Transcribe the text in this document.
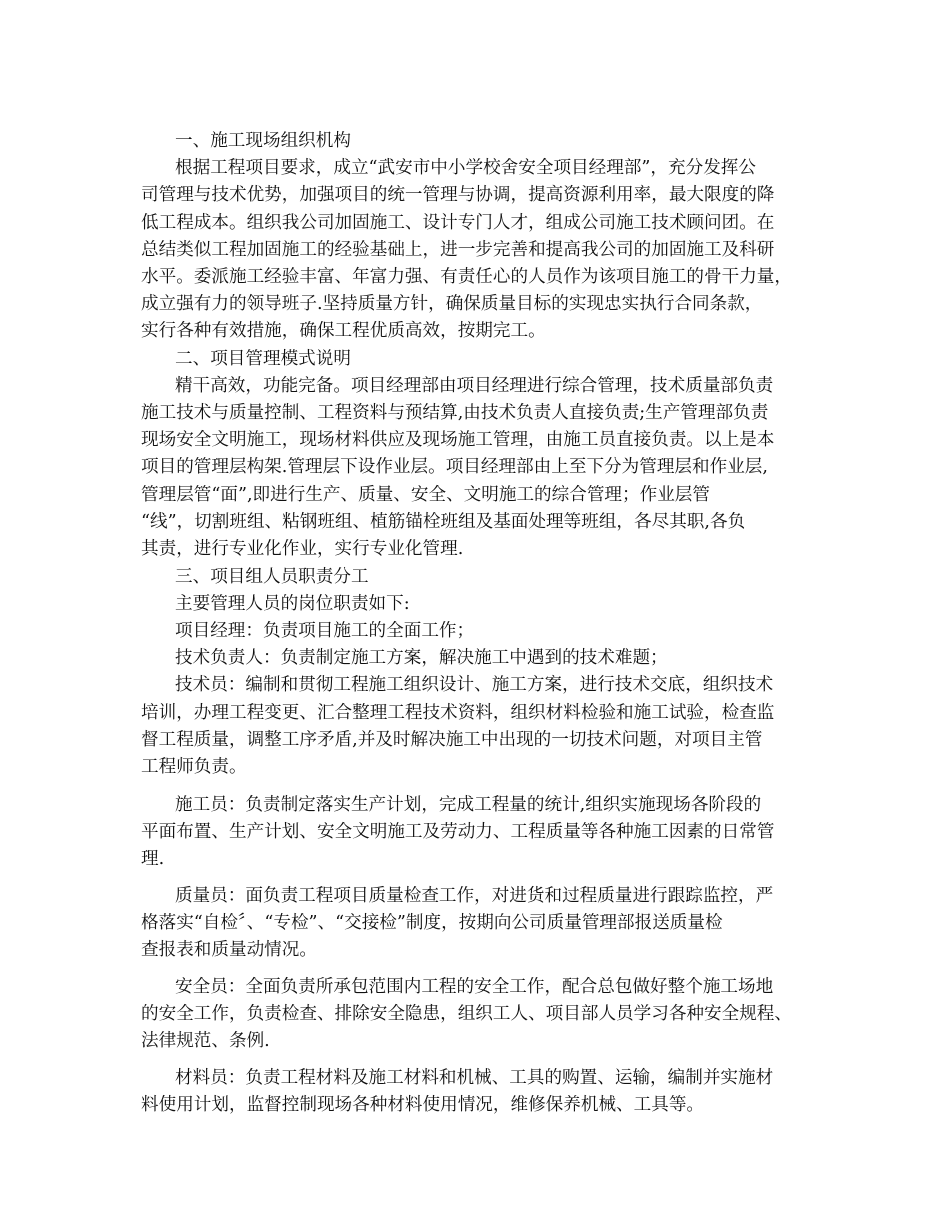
一、施工现场组织机构

根据工程项目要求，成立“武安市中小学校舍安全项目经理部”，充分发挥公

司管理与技术优势，加强项目的统一管理与协调，提高资源利用率，最大限度的降

低工程成本。组织我公司加固施工、设计专门人才，组成公司施工技术顾问团。在

总结类似工程加固施工的经验基础上，进一步完善和提高我公司的加固施工及科研

水平。委派施工经验丰富、年富力强、有责任心的人员作为该项目施工的骨干力量，

成立强有力的领导班子.坚持质量方针，确保质量目标的实现忠实执行合同条款，

实行各种有效措施，确保工程优质高效，按期完工。

二、项目管理模式说明

精干高效，功能完备。项目经理部由项目经理进行综合管理，技术质量部负责

施工技术与质量控制、工程资料与预结算,由技术负责人直接负责;生产管理部负责

现场安全文明施工，现场材料供应及现场施工管理，由施工员直接负责。以上是本

项目的管理层构架.管理层下设作业层。项目经理部由上至下分为管理层和作业层,

管理层管“面”,即进行生产、质量、安全、文明施工的综合管理；作业层管

“线”，切割班组、粘钢班组、植筋锚栓班组及基面处理等班组，各尽其职,各负

其责，进行专业化作业，实行专业化管理.

三、项目组人员职责分工

主要管理人员的岗位职责如下:

项目经理：负责项目施工的全面工作；

技术负责人：负责制定施工方案，解决施工中遇到的技术难题；

技术员：编制和贯彻工程施工组织设计、施工方案，进行技术交底，组织技术

培训，办理工程变更、汇合整理工程技术资料，组织材料检验和施工试验，检查监

督工程质量，调整工序矛盾,并及时解决施工中出现的一切技术问题，对项目主管

工程师负责。

施工员：负责制定落实生产计划，完成工程量的统计,组织实施现场各阶段的

平面布置、生产计划、安全文明施工及劳动力、工程质量等各种施工因素的日常管

理.

质量员：面负责工程项目质量检查工作，对进货和过程质量进行跟踪监控，严

格落实“自检〞、“专检”、“交接检”制度，按期向公司质量管理部报送质量检

查报表和质量动情况。

安全员：全面负责所承包范围内工程的安全工作，配合总包做好整个施工场地

的安全工作，负责检查、排除安全隐患，组织工人、项目部人员学习各种安全规程、

法律规范、条例.

材料员：负责工程材料及施工材料和机械、工具的购置、运输，编制并实施材

料使用计划，监督控制现场各种材料使用情况，维修保养机械、工具等。
